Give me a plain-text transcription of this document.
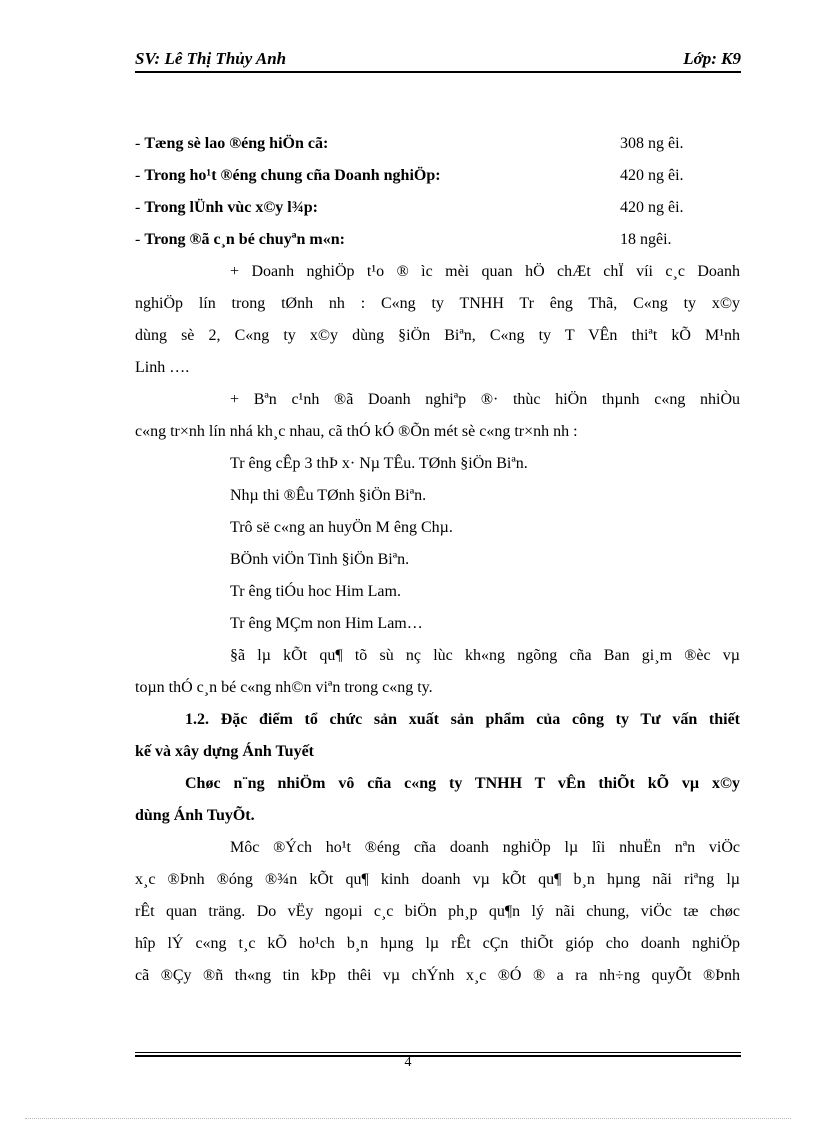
SV: Lê Thị Thủy Anh	Lớp: K9
- Tæng sè lao ®éng hiÖn cã:	308 ng êi.
- Trong ho¹t ®éng chung cña Doanh nghiÖp:	420 ng êi.
- Trong lÜnh vùc x©y l¾p:	420 ng êi.
- Trong ®ã c¸n bé chuyªn m«n:	18 ngêi.
+ Doanh nghiÖp t¹o ® ìc mèi quan hÖ chÆt chÏ víi c¸c Doanh
nghiÖp lín trong tØnh nh : C«ng ty TNHH Tr êng Thã, C«ng ty x©y
dùng sè 2, C«ng ty x©y dùng §iÖn Biªn, C«ng ty T VÊn thiªt kÕ M¹nh
Linh ….
+ Bªn c¹nh ®ã Doanh nghiªp ®· thùc hiÖn thµnh c«ng nhiÒu
c«ng tr×nh lín nhá kh¸c nhau, cã thÓ kÓ ®Õn mét sè c«ng tr×nh nh :
Tr êng cÊp 3 thÞ x· Nµ TÊu. TØnh §iÖn Biªn.
Nhµ thi ®Êu TØnh §iÖn Biªn.
Trô së c«ng an huyÖn M êng Chµ.
BÖnh viÖn Tinh §iÖn Biªn.
Tr êng tiÓu hoc Him Lam.
Tr êng MÇm non Him Lam…
§ã lµ kÕt qu¶ tõ sù nç lùc kh«ng ngõng cña Ban gi¸m ®èc vµ
toµn thÓ c¸n bé c«ng nh©n viªn trong c«ng ty.
1.2. Đặc điểm tổ chức sản xuất sản phẩm của công ty Tư vấn thiết
kế và xây dựng Ánh Tuyết
Chøc n¨ng nhiÖm vô cña c«ng ty TNHH T vÊn thiÕt kÕ vµ x©y
dùng Ánh TuyÕt.
Môc ®Ých ho¹t ®éng cña doanh nghiÖp lµ lîi nhuËn nªn viÖc
x¸c ®Þnh ®óng ®¾n kÕt qu¶ kinh doanh vµ kÕt qu¶ b¸n hµng nãi riªng lµ
rÊt quan träng. Do vËy ngoµi c¸c biÖn ph¸p qu¶n lý nãi chung, viÖc tæ chøc
hîp lÝ c«ng t¸c kÕ ho¹ch b¸n hµng lµ rÊt cÇn thiÕt gióp cho doanh nghiÖp
cã ®Çy ®ñ th«ng tin kÞp thêi vµ chÝnh x¸c ®Ó ® a ra nh÷ng quyÕt ®Þnh
4
